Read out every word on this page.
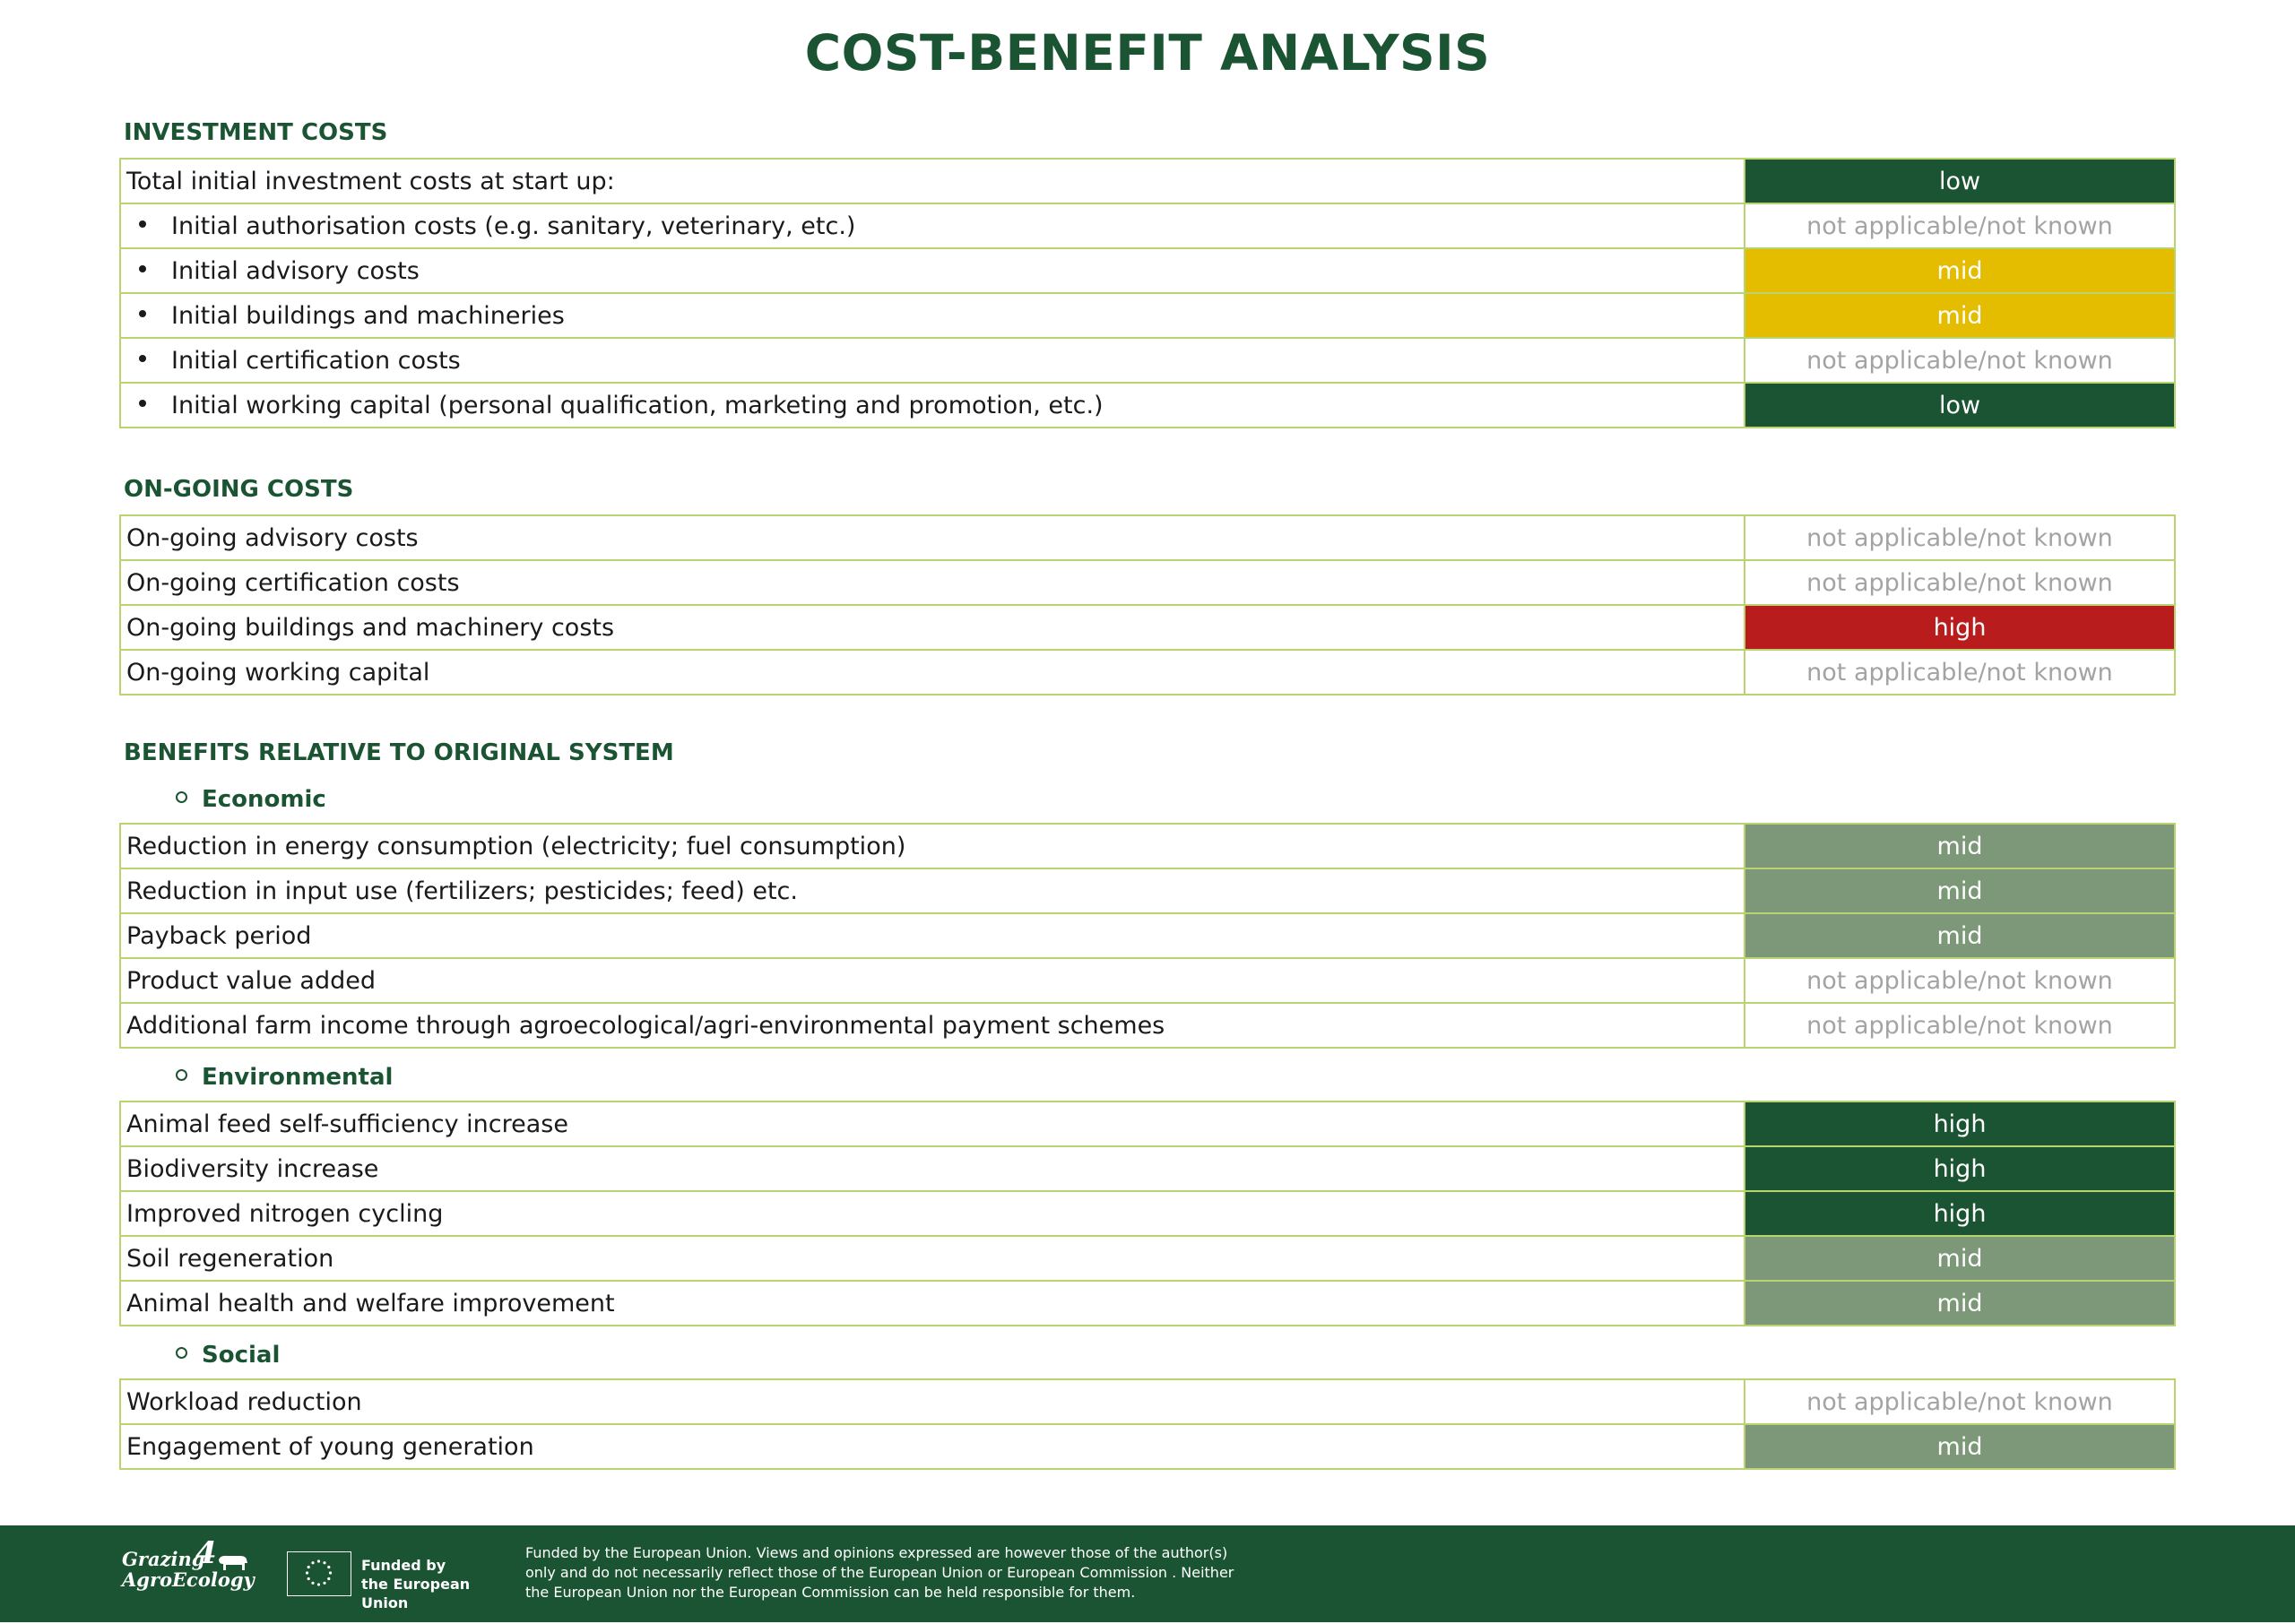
COST-BENEFIT ANALYSIS
INVESTMENT COSTS
Total initial investment costs at start up:	low
Initial authorisation costs (e.g. sanitary, veterinary, etc.)	not applicable/not known
Initial advisory costs	mid
Initial buildings and machineries	mid
Initial certification costs	not applicable/not known
Initial working capital (personal qualification, marketing and promotion, etc.)	low
ON-GOING COSTS
On-going advisory costs	not applicable/not known
On-going certification costs	not applicable/not known
On-going buildings and machinery costs	high
On-going working capital	not applicable/not known
BENEFITS RELATIVE TO ORIGINAL SYSTEM
Economic
Reduction in energy consumption (electricity; fuel consumption)	mid
Reduction in input use (fertilizers; pesticides; feed) etc.	mid
Payback period	mid
Product value added	not applicable/not known
Additional farm income through agroecological/agri-environmental payment schemes	not applicable/not known
Environmental
Animal feed self-sufficiency increase	high
Biodiversity increase	high
Improved nitrogen cycling	high
Soil regeneration	mid
Animal health and welfare improvement	mid
Social
Workload reduction	not applicable/not known
Engagement of young generation	mid
Grazing
AgroEcology
4	Funded by
the European Union
Funded by the European Union. Views and opinions expressed are however those of the author(s)
only and do not necessarily reflect those of the European Union or European Commission . Neither
the European Union nor the European Commission can be held responsible for them.
